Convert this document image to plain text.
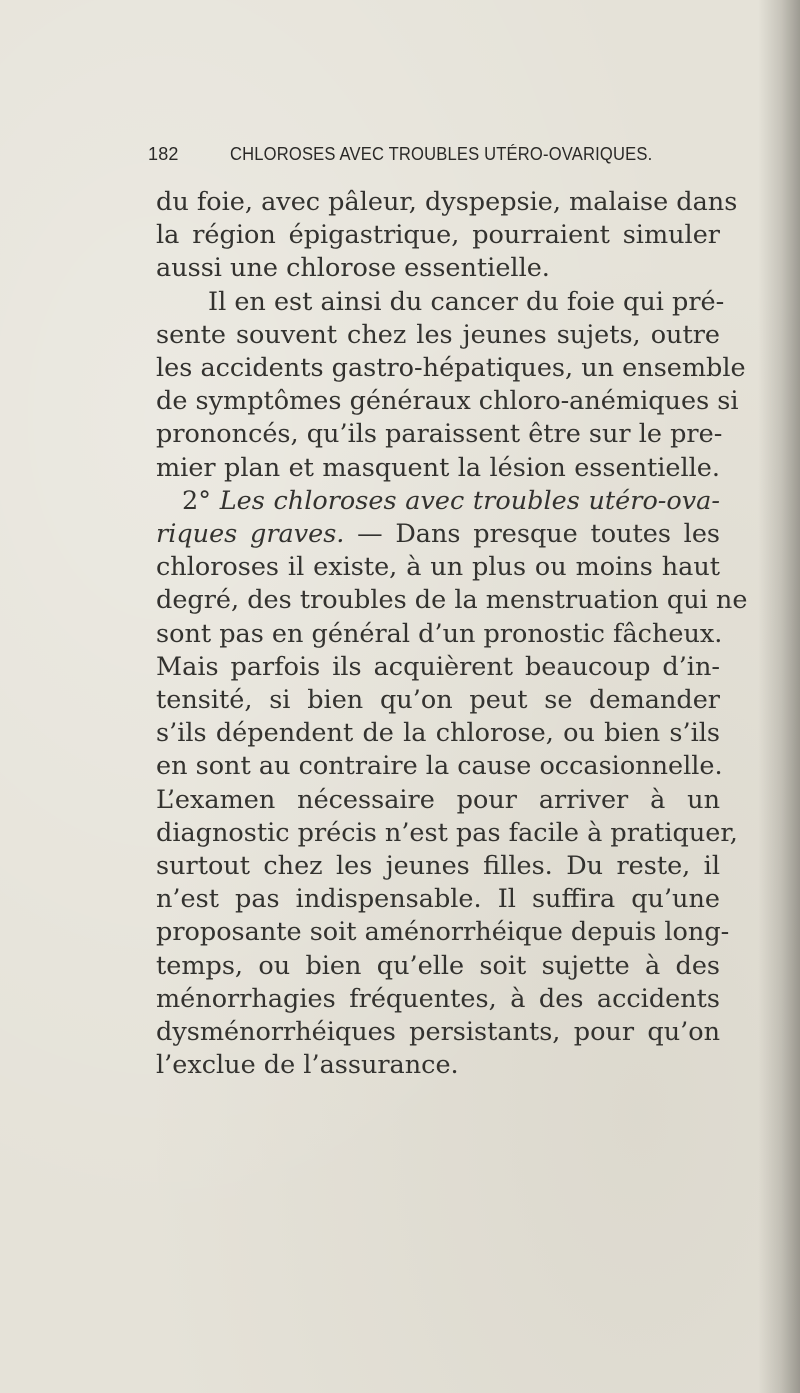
182	CHLOROSES AVEC TROUBLES UTÉRO-OVARIQUES.
du foie, avec pâleur, dyspepsie, malaise dans
la région épigastrique, pourraient simuler
aussi une chlorose essentielle.
Il en est ainsi du cancer du foie qui pré-
sente souvent chez les jeunes sujets, outre
les accidents gastro-hépatiques, un ensemble
de symptômes généraux chloro-anémiques si
prononcés, qu’ils paraissent être sur le pre-
mier plan et masquent la lésion essentielle.
2° Les chloroses avec troubles utéro-ova-
riques graves. — Dans presque toutes les
chloroses il existe, à un plus ou moins haut
degré, des troubles de la menstruation qui ne
sont pas en général d’un pronostic fâcheux.
Mais parfois ils acquièrent beaucoup d’in-
tensité, si bien qu’on peut se demander
s’ils dépendent de la chlorose, ou bien s’ils
en sont au contraire la cause occasionnelle.
L’examen nécessaire pour arriver à un
diagnostic précis n’est pas facile à pratiquer,
surtout chez les jeunes filles. Du reste, il
n’est pas indispensable. Il suffira qu’une
proposante soit aménorrhéique depuis long-
temps, ou bien qu’elle soit sujette à des
ménorrhagies fréquentes, à des accidents
dysménorrhéiques persistants, pour qu’on
l’exclue de l’assurance.
